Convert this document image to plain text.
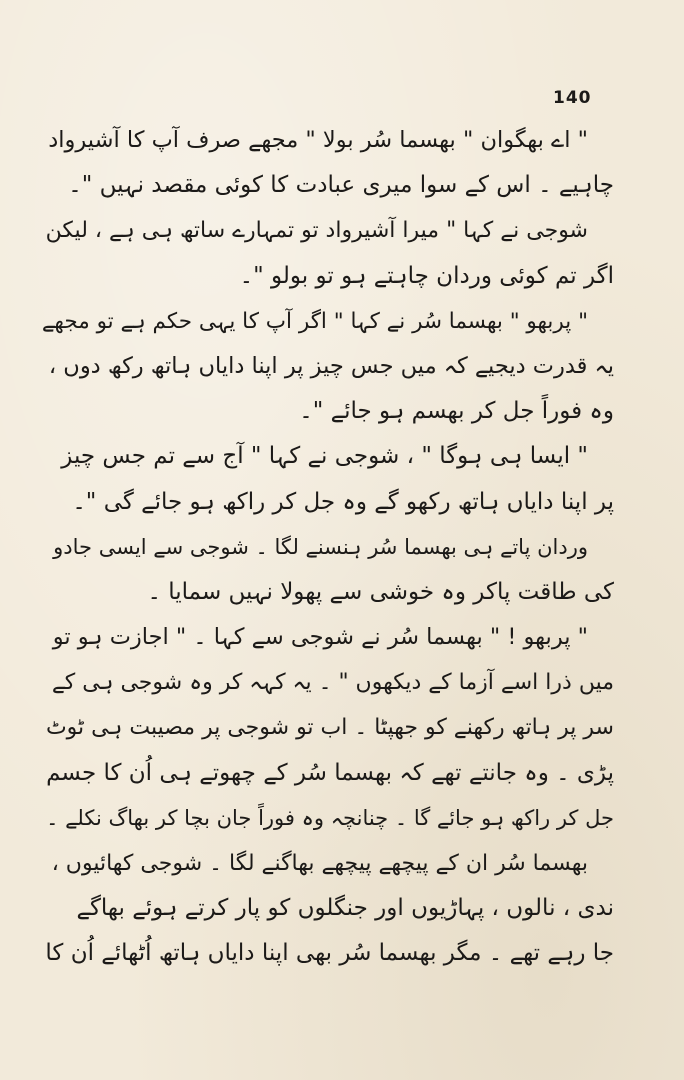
140
" اے بھگوان " بھسما سُر بولا " مجھے صرف آپ کا آشیرواد
چاہیے ۔ اس کے سوا میری عبادت کا کوئی مقصد نہیں "۔
شوجی نے کہا " میرا آشیرواد تو تمہارے ساتھ ہی ہے ، لیکن
اگر تم کوئی وردان چاہتے ہو تو بولو "۔
" پربھو " بھسما سُر نے کہا " اگر آپ کا یہی حکم ہے تو مجھے
یہ قدرت دیجیے کہ میں جس چیز پر اپنا دایاں ہاتھ رکھ دوں ،
وہ فوراً جل کر بھسم ہو جائے "۔
" ایسا ہی ہوگا " ، شوجی نے کہا " آج سے تم جس چیز
پر اپنا دایاں ہاتھ رکھو گے وہ جل کر راکھ ہو جائے گی "۔
وردان پاتے ہی بھسما سُر ہنسنے لگا ۔ شوجی سے ایسی جادو
کی طاقت پاکر وہ خوشی سے پھولا نہیں سمایا ۔
" پربھو ! " بھسما سُر نے شوجی سے کہا ۔ " اجازت ہو تو
میں ذرا اسے آزما کے دیکھوں " ۔ یہ کہہ کر وہ شوجی ہی کے
سر پر ہاتھ رکھنے کو جھپٹا ۔ اب تو شوجی پر مصیبت ہی ٹوٹ
پڑی ۔ وہ جانتے تھے کہ بھسما سُر کے چھوتے ہی اُن کا جسم
جل کر راکھ ہو جائے گا ۔ چنانچہ وہ فوراً جان بچا کر بھاگ نکلے ۔
بھسما سُر ان کے پیچھے پیچھے بھاگنے لگا ۔ شوجی کھائیوں ،
ندی ، نالوں ، پہاڑیوں اور جنگلوں کو پار کرتے ہوئے بھاگے
جا رہے تھے ۔ مگر بھسما سُر بھی اپنا دایاں ہاتھ اُٹھائے اُن کا
